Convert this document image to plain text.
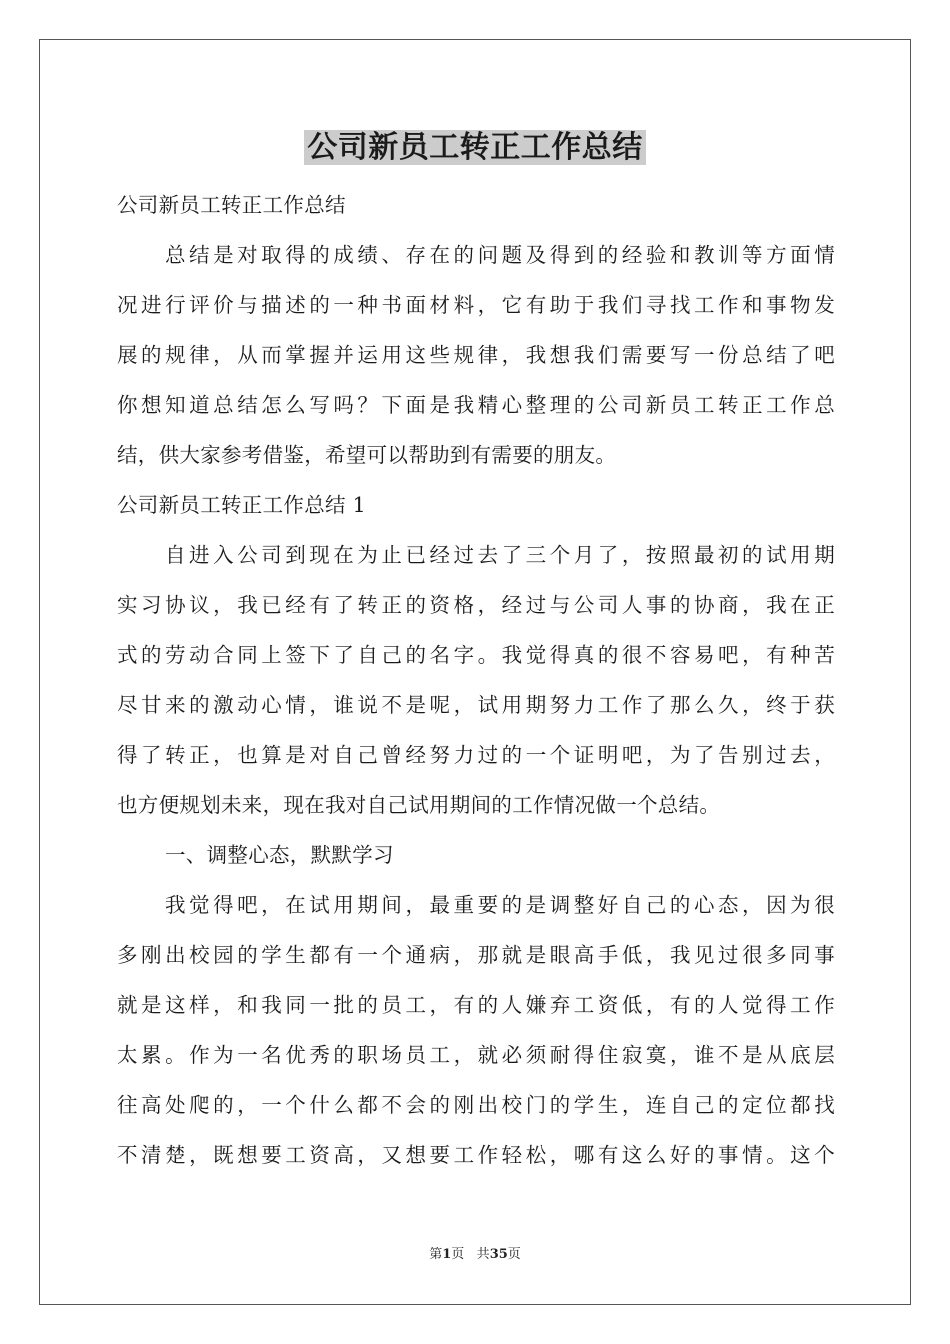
公司新员工转正工作总结
公司新员工转正工作总结
总结是对取得的成绩、存在的问题及得到的经验和教训等方面情
况进行评价与描述的一种书面材料，它有助于我们寻找工作和事物发
展的规律，从而掌握并运用这些规律，我想我们需要写一份总结了吧
你想知道总结怎么写吗？下面是我精心整理的公司新员工转正工作总
结，供大家参考借鉴，希望可以帮助到有需要的朋友。
公司新员工转正工作总结 1
自进入公司到现在为止已经过去了三个月了，按照最初的试用期
实习协议，我已经有了转正的资格，经过与公司人事的协商，我在正
式的劳动合同上签下了自己的名字。我觉得真的很不容易吧，有种苦
尽甘来的激动心情，谁说不是呢，试用期努力工作了那么久，终于获
得了转正，也算是对自己曾经努力过的一个证明吧，为了告别过去，
也方便规划未来，现在我对自己试用期间的工作情况做一个总结。
一、调整心态，默默学习
我觉得吧，在试用期间，最重要的是调整好自己的心态，因为很
多刚出校园的学生都有一个通病，那就是眼高手低，我见过很多同事
就是这样，和我同一批的员工，有的人嫌弃工资低，有的人觉得工作
太累。作为一名优秀的职场员工，就必须耐得住寂寞，谁不是从底层
往高处爬的，一个什么都不会的刚出校门的学生，连自己的定位都找
不清楚，既想要工资高，又想要工作轻松，哪有这么好的事情。这个
第1页 共35页
